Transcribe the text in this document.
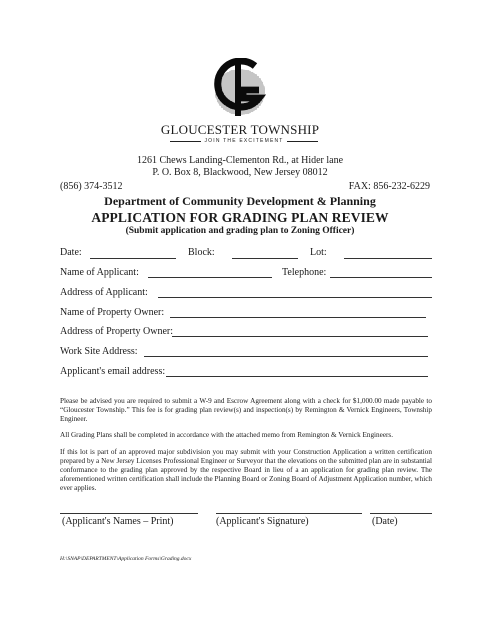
GLOUCESTER TOWNSHIP
JOIN THE EXCITEMENT
1261 Chews Landing-Clementon Rd., at Hider lane
P. O. Box 8, Blackwood, New Jersey 08012
(856) 374-3512	FAX: 856-232-6229
Department of Community Development & Planning
APPLICATION FOR GRADING PLAN REVIEW
(Submit application and grading plan to Zoning Officer)
Date:	Block:	Lot:
Name of Applicant:	Telephone:
Address of Applicant:
Name of Property Owner:
Address of Property Owner:
Work Site Address:
Applicant's email address:
Please be advised you are required to submit a W-9 and Escrow Agreement along with a check for $1,000.00 made payable to “Gloucester Township.” This fee is for grading plan review(s) and inspection(s) by Remington & Vernick Engineers, Township Engineer.
All Grading Plans shall be completed in accordance with the attached memo from Remington & Vernick Engineers.
If this lot is part of an approved major subdivision you may submit with your Construction Application a written certification prepared by a New Jersey Licenses Professional Engineer or Surveyor that the elevations on the submitted plan are in substantial conformance to the grading plan approved by the respective Board in lieu of a an application for grading plan review. The aforementioned written certification shall include the Planning Board or Zoning Board of Adjustment Application number, which ever applies.
(Applicant's Names – Print)	(Applicant's Signature)	(Date)
H:\SNAP\DEPARTMENT\Application Forms\Grading.docx
